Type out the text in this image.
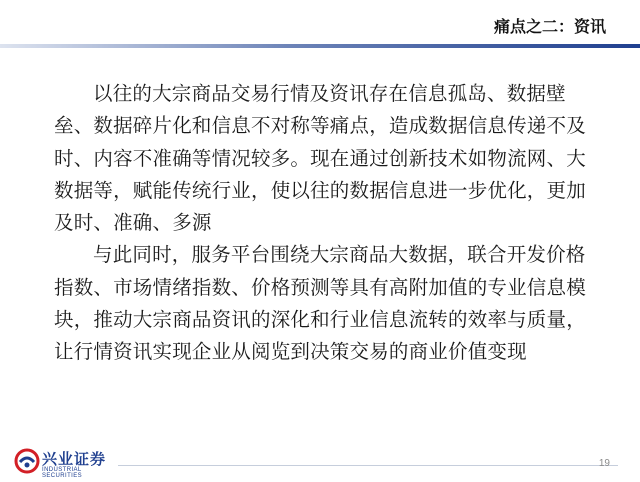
痛点之二：资讯

以往的大宗商品交易行情及资讯存在信息孤岛、数据壁垒、数据碎片化和信息不对称等痛点，造成数据信息传递不及时、内容不准确等情况较多。现在通过创新技术如物流网、大数据等，赋能传统行业，使以往的数据信息进一步优化，更加及时、准确、多源

与此同时，服务平台围绕大宗商品大数据，联合开发价格指数、市场情绪指数、价格预测等具有高附加值的专业信息模块，推动大宗商品资讯的深化和行业信息流转的效率与质量，让行情资讯实现企业从阅览到决策交易的商业价值变现

兴业证券
INDUSTRIAL SECURITIES
19
